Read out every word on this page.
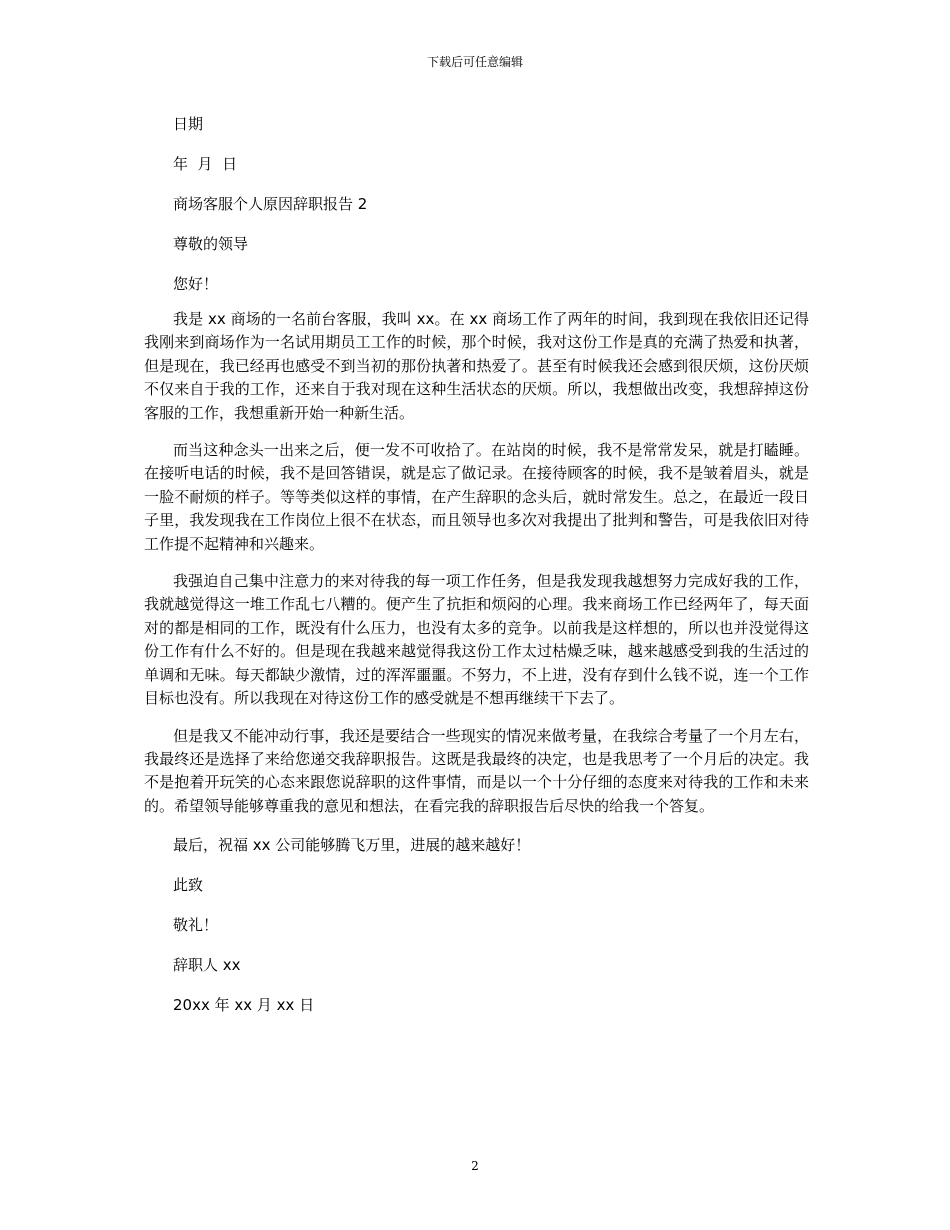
下载后可任意编辑

日期

年  月  日

商场客服个人原因辞职报告 2

尊敬的领导

您好！

我是 xx 商场的一名前台客服，我叫 xx。在 xx 商场工作了两年的时间，我到现在我依旧还记得我刚来到商场作为一名试用期员工工作的时候，那个时候，我对这份工作是真的充满了热爱和执著，但是现在，我已经再也感受不到当初的那份执著和热爱了。甚至有时候我还会感到很厌烦，这份厌烦不仅来自于我的工作，还来自于我对现在这种生活状态的厌烦。所以，我想做出改变，我想辞掉这份客服的工作，我想重新开始一种新生活。

而当这种念头一出来之后，便一发不可收拾了。在站岗的时候，我不是常常发呆，就是打瞌睡。在接听电话的时候，我不是回答错误，就是忘了做记录。在接待顾客的时候，我不是皱着眉头，就是一脸不耐烦的样子。等等类似这样的事情，在产生辞职的念头后，就时常发生。总之，在最近一段日子里，我发现我在工作岗位上很不在状态，而且领导也多次对我提出了批判和警告，可是我依旧对待工作提不起精神和兴趣来。

我强迫自己集中注意力的来对待我的每一项工作任务，但是我发现我越想努力完成好我的工作，我就越觉得这一堆工作乱七八糟的。便产生了抗拒和烦闷的心理。我来商场工作已经两年了，每天面对的都是相同的工作，既没有什么压力，也没有太多的竞争。以前我是这样想的，所以也并没觉得这份工作有什么不好的。但是现在我越来越觉得我这份工作太过枯燥乏味，越来越感受到我的生活过的单调和无味。每天都缺少激情，过的浑浑噩噩。不努力，不上进，没有存到什么钱不说，连一个工作目标也没有。所以我现在对待这份工作的感受就是不想再继续干下去了。

但是我又不能冲动行事，我还是要结合一些现实的情况来做考量，在我综合考量了一个月左右，我最终还是选择了来给您递交我辞职报告。这既是我最终的决定，也是我思考了一个月后的决定。我不是抱着开玩笑的心态来跟您说辞职的这件事情，而是以一个十分仔细的态度来对待我的工作和未来的。希望领导能够尊重我的意见和想法，在看完我的辞职报告后尽快的给我一个答复。

最后，祝福 xx 公司能够腾飞万里，进展的越来越好！

此致

敬礼！

辞职人 xx

20xx 年 xx 月 xx 日

2
